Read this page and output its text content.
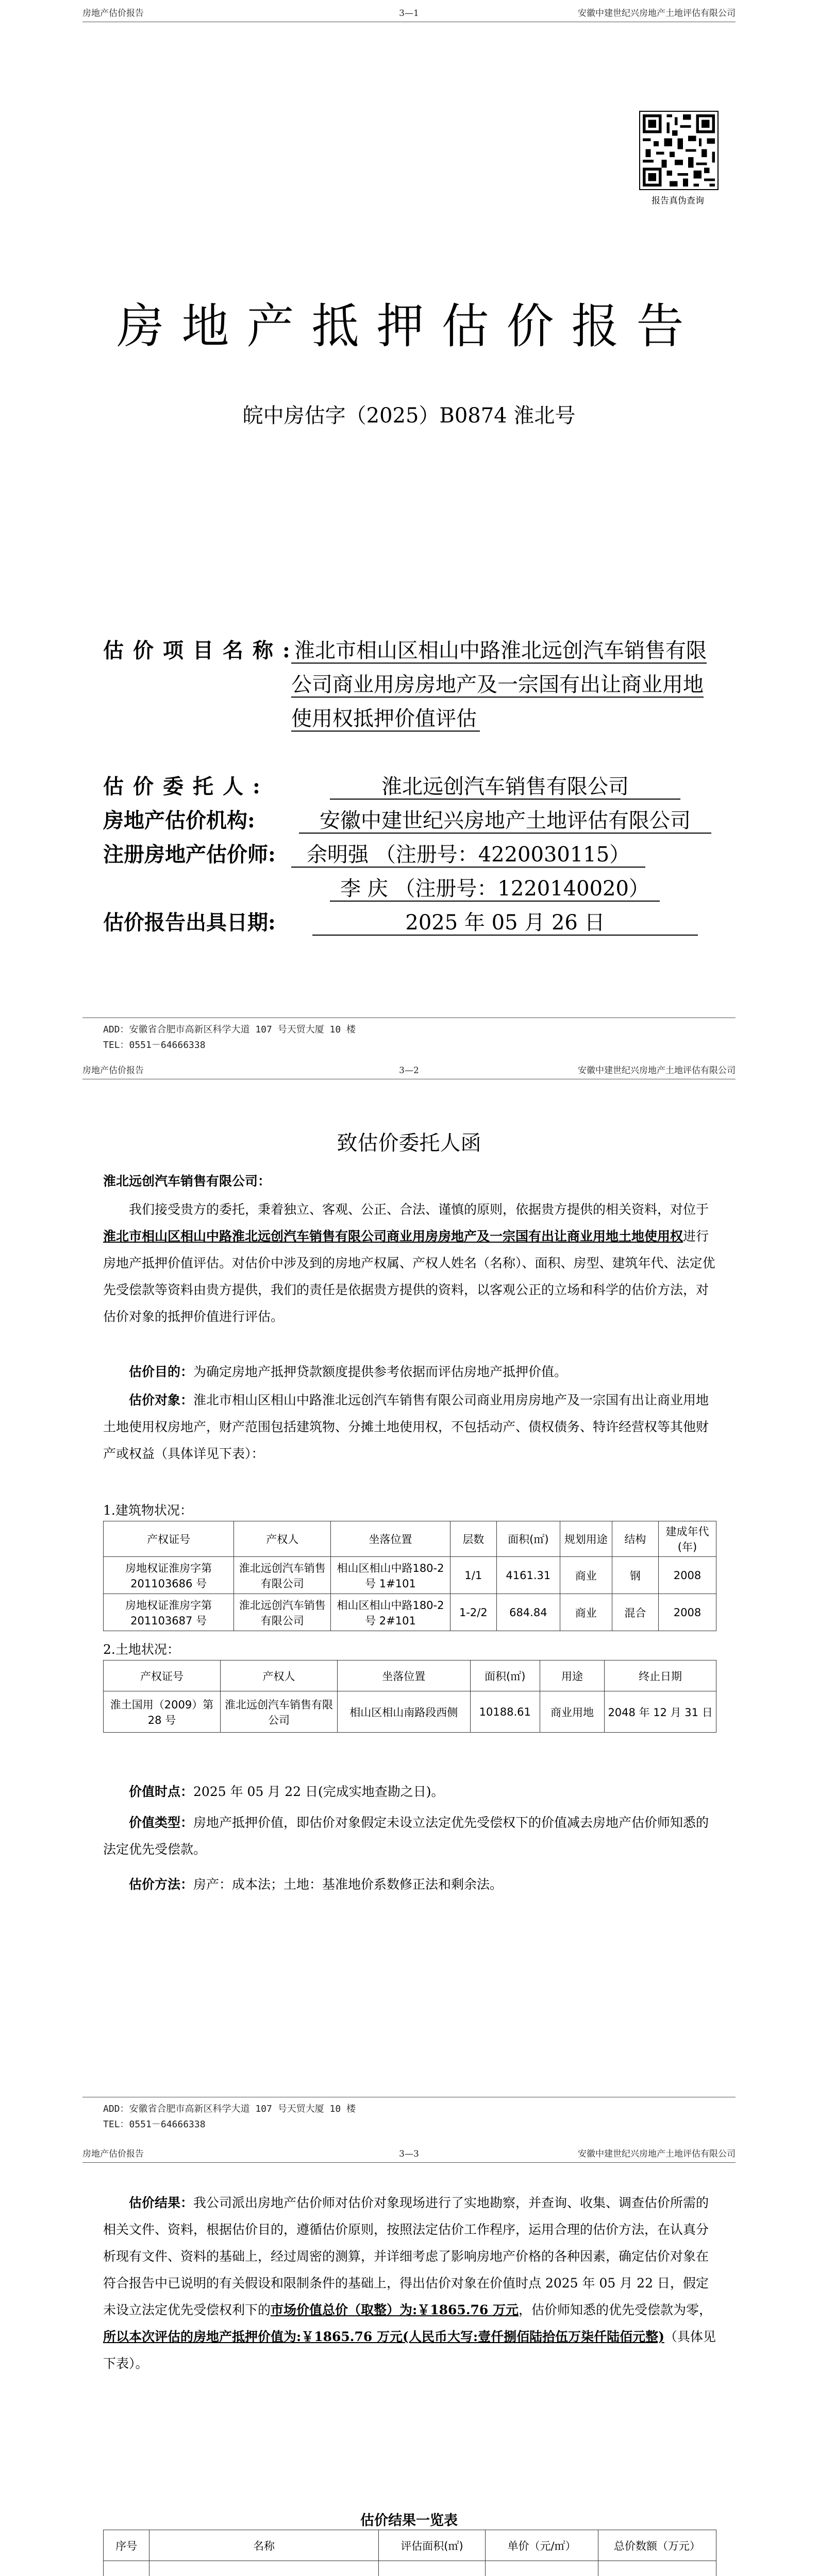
房地产估价报告	3—1	安徽中建世纪兴房地产土地评估有限公司
报告真伪查询
房地产抵押估价报告
皖中房估字（2025）B0874 淮北号
估价项目名称:
淮北市相山区相山中路淮北远创汽车销售有限公司商业用房房地产及一宗国有出让商业用地使用权抵押价值评估
估价委托人:	淮北远创汽车销售有限公司
房地产估价机构:	安徽中建世纪兴房地产土地评估有限公司
注册房地产估价师:	余明强 （注册号：4220030115）
李 庆 （注册号：1220140020）
估价报告出具日期:	2025 年 05 月 26 日
ADD：安徽省合肥市高新区科学大道 107 号天贸大厦 10 楼
TEL：0551－64666338
房地产估价报告	3—2	安徽中建世纪兴房地产土地评估有限公司
致估价委托人函
淮北远创汽车销售有限公司：
我们接受贵方的委托，秉着独立、客观、公正、合法、谨慎的原则，依据贵方提供的相关资料，对位于淮北市相山区相山中路淮北远创汽车销售有限公司商业用房房地产及一宗国有出让商业用地土地使用权进行房地产抵押价值评估。对估价中涉及到的房地产权属、产权人姓名（名称）、面积、房型、建筑年代、法定优先受偿款等资料由贵方提供，我们的责任是依据贵方提供的资料，以客观公正的立场和科学的估价方法，对估价对象的抵押价值进行评估。
估价目的：为确定房地产抵押贷款额度提供参考依据而评估房地产抵押价值。
估价对象：淮北市相山区相山中路淮北远创汽车销售有限公司商业用房房地产及一宗国有出让商业用地土地使用权房地产，财产范围包括建筑物、分摊土地使用权，不包括动产、债权债务、特许经营权等其他财产或权益（具体详见下表）：
1.建筑物状况：
产权证号	产权人	坐落位置	层数	面积(㎡)	规划用途	结构	建成年代(年)
房地权证淮房字第201103686 号	淮北远创汽车销售有限公司	相山区相山中路180-2 号 1#101	1/1	4161.31	商业	钢	2008
房地权证淮房字第201103687 号	淮北远创汽车销售有限公司	相山区相山中路180-2 号 2#101	1-2/2	684.84	商业	混合	2008
2.土地状况：
产权证号	产权人	坐落位置	面积(㎡)	用途	终止日期
淮土国用（2009）第28 号	淮北远创汽车销售有限公司	相山区相山南路段西侧	10188.61	商业用地	2048 年 12 月 31 日
价值时点：2025 年 05 月 22 日(完成实地查勘之日)。
价值类型：房地产抵押价值，即估价对象假定未设立法定优先受偿权下的价值减去房地产估价师知悉的法定优先受偿款。
估价方法：房产：成本法；土地：基准地价系数修正法和剩余法。
ADD：安徽省合肥市高新区科学大道 107 号天贸大厦 10 楼
TEL：0551－64666338
房地产估价报告	3—3	安徽中建世纪兴房地产土地评估有限公司
估价结果：我公司派出房地产估价师对估价对象现场进行了实地勘察，并查询、收集、调查估价所需的相关文件、资料，根据估价目的，遵循估价原则，按照法定估价工作程序，运用合理的估价方法，在认真分析现有文件、资料的基础上，经过周密的测算，并详细考虑了影响房地产价格的各种因素，确定估价对象在符合报告中已说明的有关假设和限制条件的基础上，得出估价对象在价值时点 2025 年 05 月 22 日，假定未设立法定优先受偿权利下的市场价值总价（取整）为:￥1865.76 万元，估价师知悉的优先受偿款为零，所以本次评估的房地产抵押价值为:￥1865.76 万元(人民币大写:壹仟捌佰陆拾伍万柒仟陆佰元整)（具体见下表）。
估价结果一览表
序号	名称	评估面积(㎡)	单价（元/㎡）	总价数额（万元）
